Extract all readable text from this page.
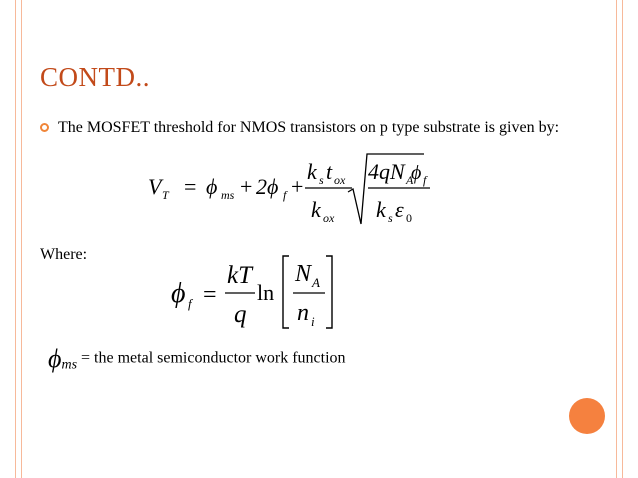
CONTD..
The MOSFET threshold for NMOS transistors on p type substrate is given by:
V T = ϕ ms + 2ϕ f +
k s t ox
k ox
4qN A
ϕ f
k s ε 0
Where:
ϕ f =
kT
q
ln
N A
n i
ϕms = the metal semiconductor work function
